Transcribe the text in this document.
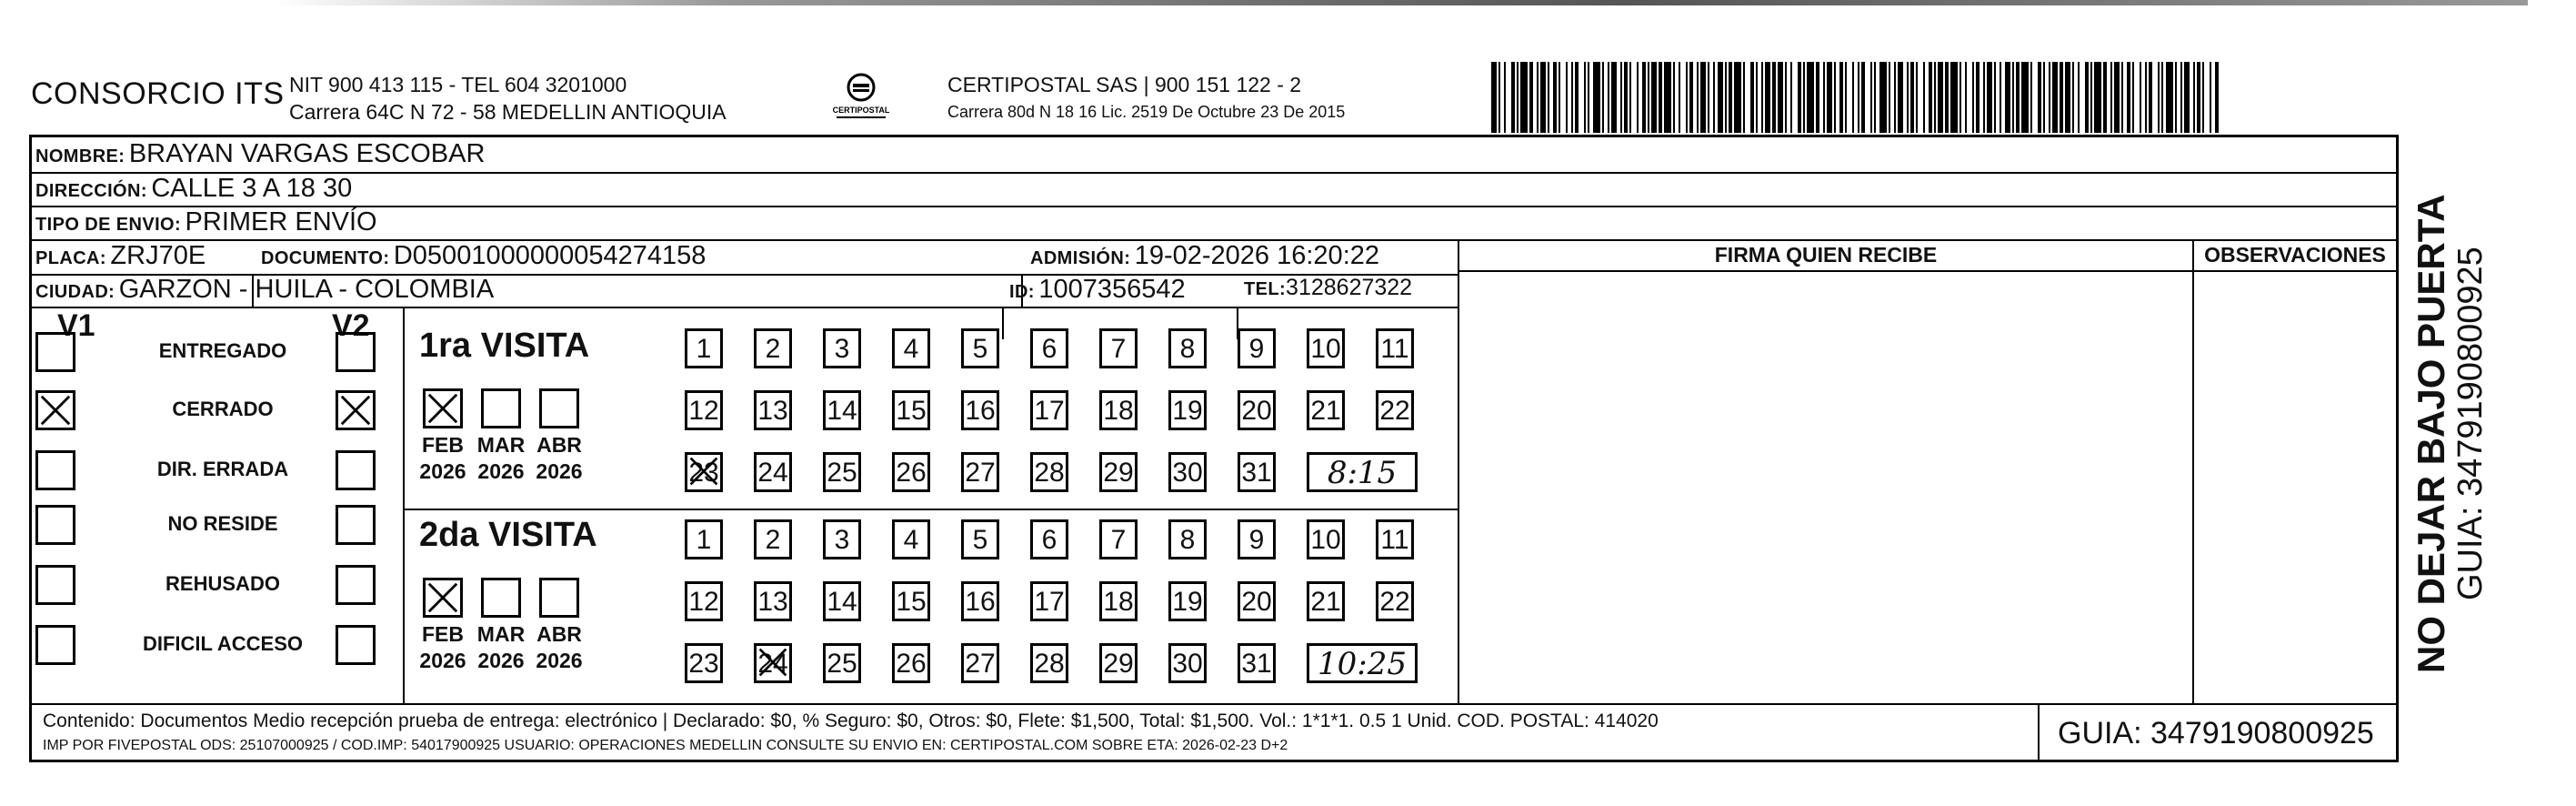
CONSORCIO ITS NIT 900 413 115 - TEL 604 3201000
Carrera 64C N 72 - 58 MEDELLIN ANTIOQUIA	CERTIPOSTAL
CERTIPOSTAL SAS | 900 151 122 - 2
Carrera 80d N 18 16 Lic. 2519 De Octubre 23 De 2015
NOMBRE: BRAYAN VARGAS ESCOBAR
DIRECCIÓN: CALLE 3 A 18 30
TIPO DE ENVIO: PRIMER ENVÍO
PLACA: ZRJ70E	DOCUMENTO: D05001000000054274158	ADMISIÓN: 19-02-2026 16:20:22
CIUDAD: GARZON - HUILA - COLOMBIA	ID: 1007356542	TEL:3128627322
FIRMA QUIEN RECIBE	OBSERVACIONES
V1	V2
ENTREGADO
CERRADO
DIR. ERRADA
NO RESIDE
REHUSADO
DIFICIL ACCESO
1ra VISITA
2da VISITA
FEB
2026
MAR
2026
ABR
2026
FEB
2026
MAR
2026
ABR
2026
1	2	3	4	5	6	7	8	9	10 11
12 13 14 15 16 17 18 19 20 21 22
23 24 25 26 27 28 29 30 31	8:15
1	2	3	4	5	6	7	8	9	10 11
12 13 14 15 16 17 18 19 20 21 22
23 24 25 26 27 28 29 30 31	10:25
Contenido: Documentos Medio recepción prueba de entrega: electrónico | Declarado: $0, % Seguro: $0, Otros: $0, Flete: $1,500, Total: $1,500. Vol.: 1*1*1. 0.5 1 Unid. COD. POSTAL: 414020
IMP POR FIVEPOSTAL ODS: 25107000925 / COD.IMP: 54017900925 USUARIO: OPERACIONES MEDELLIN CONSULTE SU ENVIO EN: CERTIPOSTAL.COM SOBRE ETA: 2026-02-23 D+2	GUIA: 3479190800925
NO DEJAR BAJO PUERTA GUIA: 3479190800925
